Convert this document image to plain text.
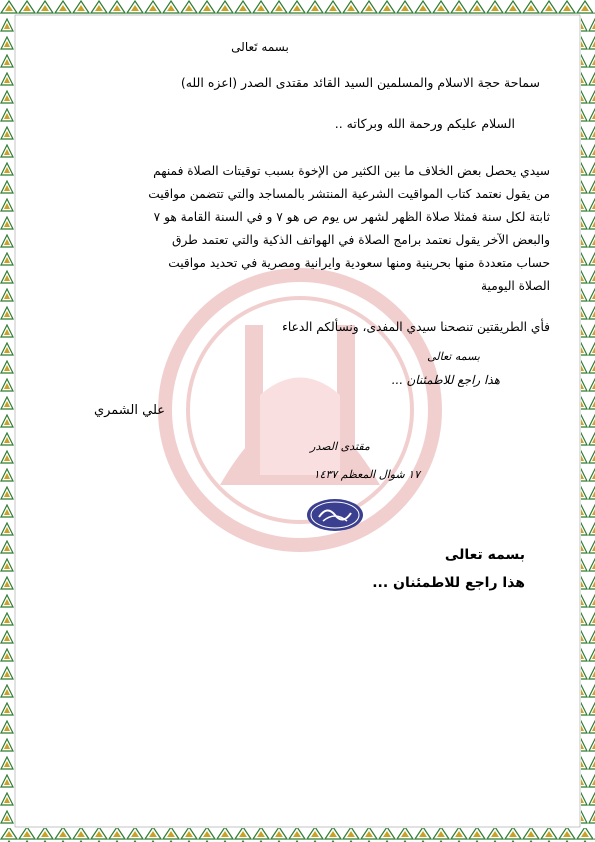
بسمه تَعالى
سماحة حجة الاسلام والمسلمين السيد القائد مقتدى الصدر (اعزه الله)
السلام عليكم ورحمة الله وبركاته ..
سيدي يحصل بعض الخلاف ما بين الكثير من الإخوة بسبب توقيتات الصلاة فمنهم
من يقول نعتمد كتاب المواقيت الشرعية المنتشر بالمساجد والتي تتضمن مواقيت
ثابتة لكل سنة فمثلا صلاة الظهر لشهر س يوم ص هو ٧ و في السنة القامة هو ٧
والبعض الآخر يقول نعتمد برامج الصلاة في الهواتف الذكية والتي تعتمد طرق
حساب متعددة منها بحرينية ومنها سعودية وايرانية ومصرية في تحديد مواقيت
الصلاة اليومية
فأي الطريقتين تنصحنا سيدي المفدى، ونسألكم الدعاء
بسمه تعالى
هذا راجع للاطمئنان ...
علي الشمري
مقتدى الصدر
١٧ شوال المعظم ١٤٣٧
بسمه تعالى
هذا راجع للاطمئنان ...
